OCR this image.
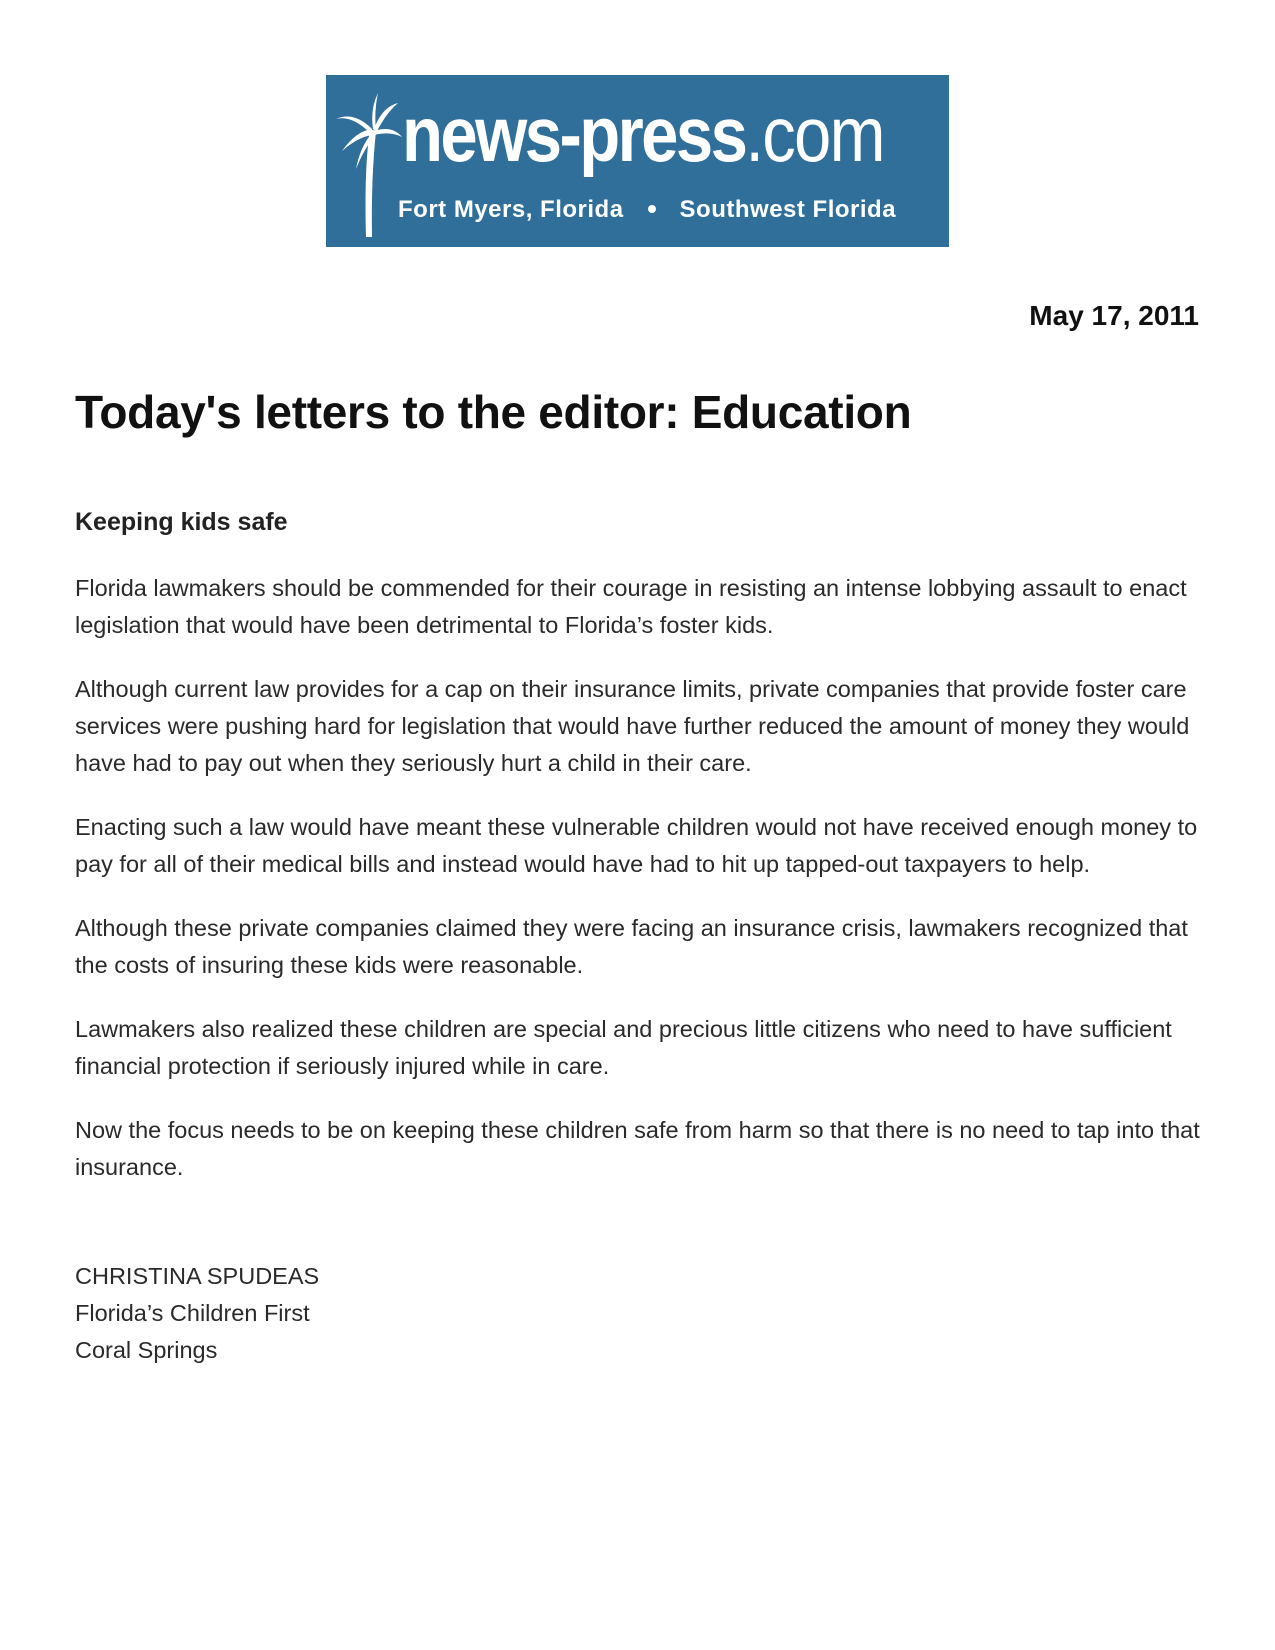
news-press.com
Fort Myers, Florida Southwest Florida
May 17, 2011
Today's letters to the editor: Education
Keeping kids safe

Florida lawmakers should be commended for their courage in resisting an intense lobbying assault to enact legislation that would have been detrimental to Florida’s foster kids.

Although current law provides for a cap on their insurance limits, private companies that provide foster care services were pushing hard for legislation that would have further reduced the amount of money they would have had to pay out when they seriously hurt a child in their care.

Enacting such a law would have meant these vulnerable children would not have received enough money to pay for all of their medical bills and instead would have had to hit up tapped-out taxpayers to help.

Although these private companies claimed they were facing an insurance crisis, lawmakers recognized that the costs of insuring these kids were reasonable.

Lawmakers also realized these children are special and precious little citizens who need to have sufficient financial protection if seriously injured while in care.

Now the focus needs to be on keeping these children safe from harm so that there is no need to tap into that insurance.

CHRISTINA SPUDEAS
Florida’s Children First
Coral Springs
